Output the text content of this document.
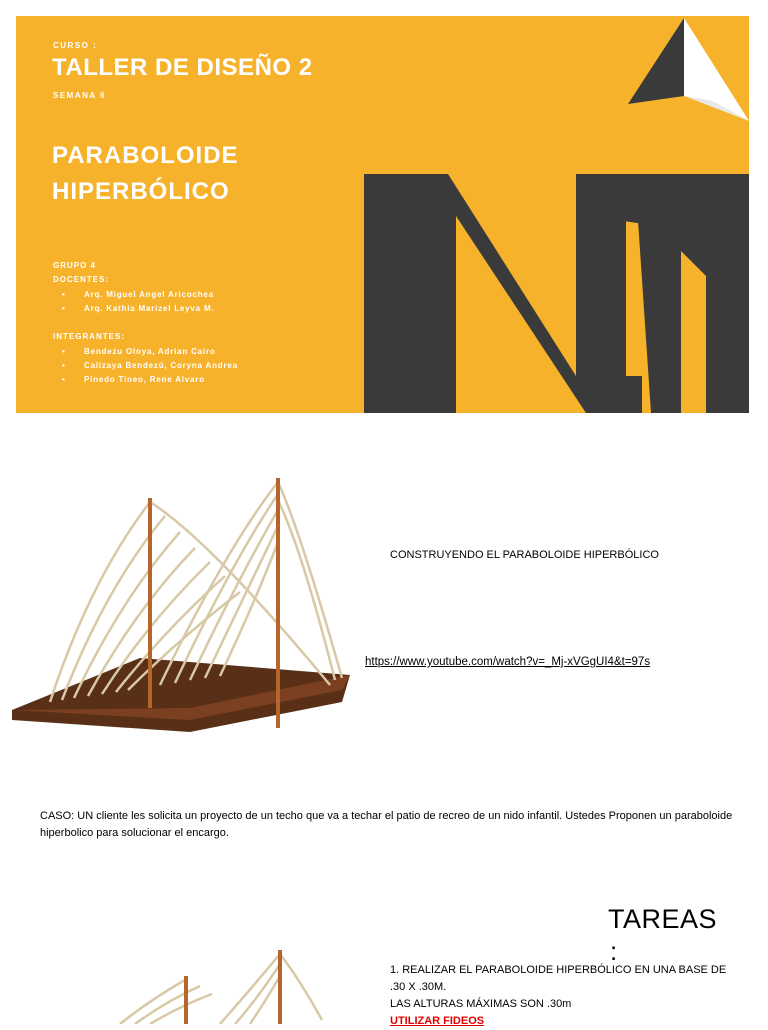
CURSO :
TALLER DE DISEÑO 2
SEMANA 6
PARABOLOIDE
HIPERBÓLICO
GRUPO 4
DOCENTES:
• Arq. Miguel Angel Aricochea
• Arq. Kathia Marizel Leyva M.
INTEGRANTES:
• Bendezu Oloya, Adrian Cairo
• Calizaya Bendezú, Coryna Andrea
• Pinedo Tineo, Rene Alvaro
CONSTRUYENDO EL PARABOLOIDE HIPERBÓLICO
https://www.youtube.com/watch?v=_Mj-xVGgUI4&t=97s
CASO: UN cliente les solicita un proyecto de un techo que va a techar el patio de recreo de un nido infantil. Ustedes Proponen un paraboloide hiperbolico para solucionar el encargo.
TAREAS
:
1. REALIZAR EL PARABOLOIDE HIPERBÓLICO EN UNA BASE DE
.30 X .30M.
LAS ALTURAS MÁXIMAS SON .30m
UTILIZAR FIDEOS
